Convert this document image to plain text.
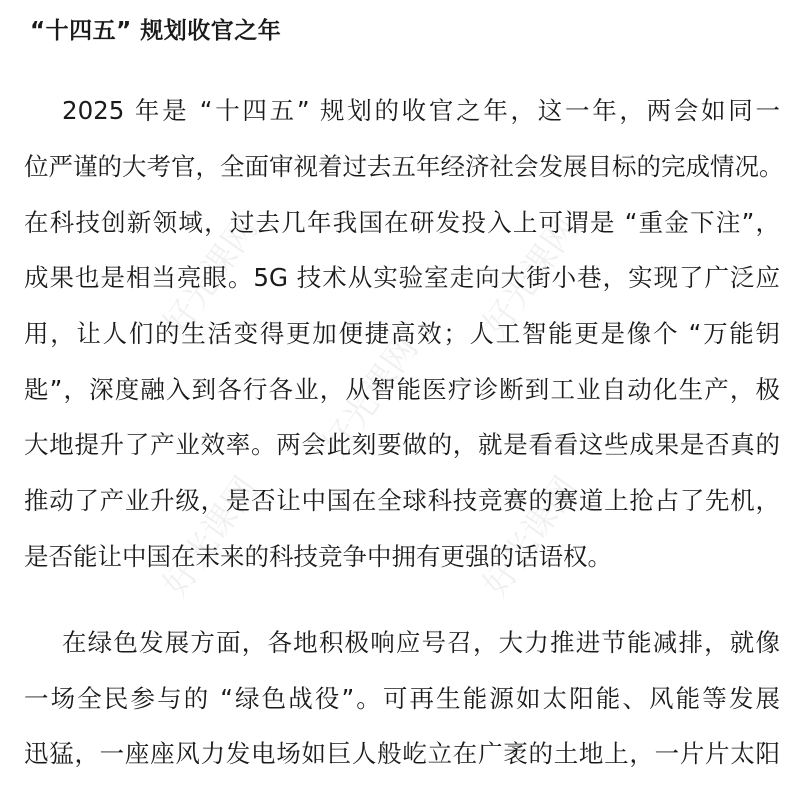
好光课网	好光课网
好光课网
好光课网	好光课网
“十四五” 规划收官之年
2025 年是 “十四五” 规划的收官之年，这一年，两会如同一
位严谨的大考官，全面审视着过去五年经济社会发展目标的完成情况。
在科技创新领域，过去几年我国在研发投入上可谓是 “重金下注”，
成果也是相当亮眼。5G 技术从实验室走向大街小巷，实现了广泛应
用，让人们的生活变得更加便捷高效；人工智能更是像个 “万能钥
匙”，深度融入到各行各业，从智能医疗诊断到工业自动化生产，极
大地提升了产业效率。两会此刻要做的，就是看看这些成果是否真的
推动了产业升级，是否让中国在全球科技竞赛的赛道上抢占了先机，
是否能让中国在未来的科技竞争中拥有更强的话语权。
在绿色发展方面，各地积极响应号召，大力推进节能减排，就像
一场全民参与的 “绿色战役”。可再生能源如太阳能、风能等发展
迅猛，一座座风力发电场如巨人般屹立在广袤的土地上，一片片太阳
